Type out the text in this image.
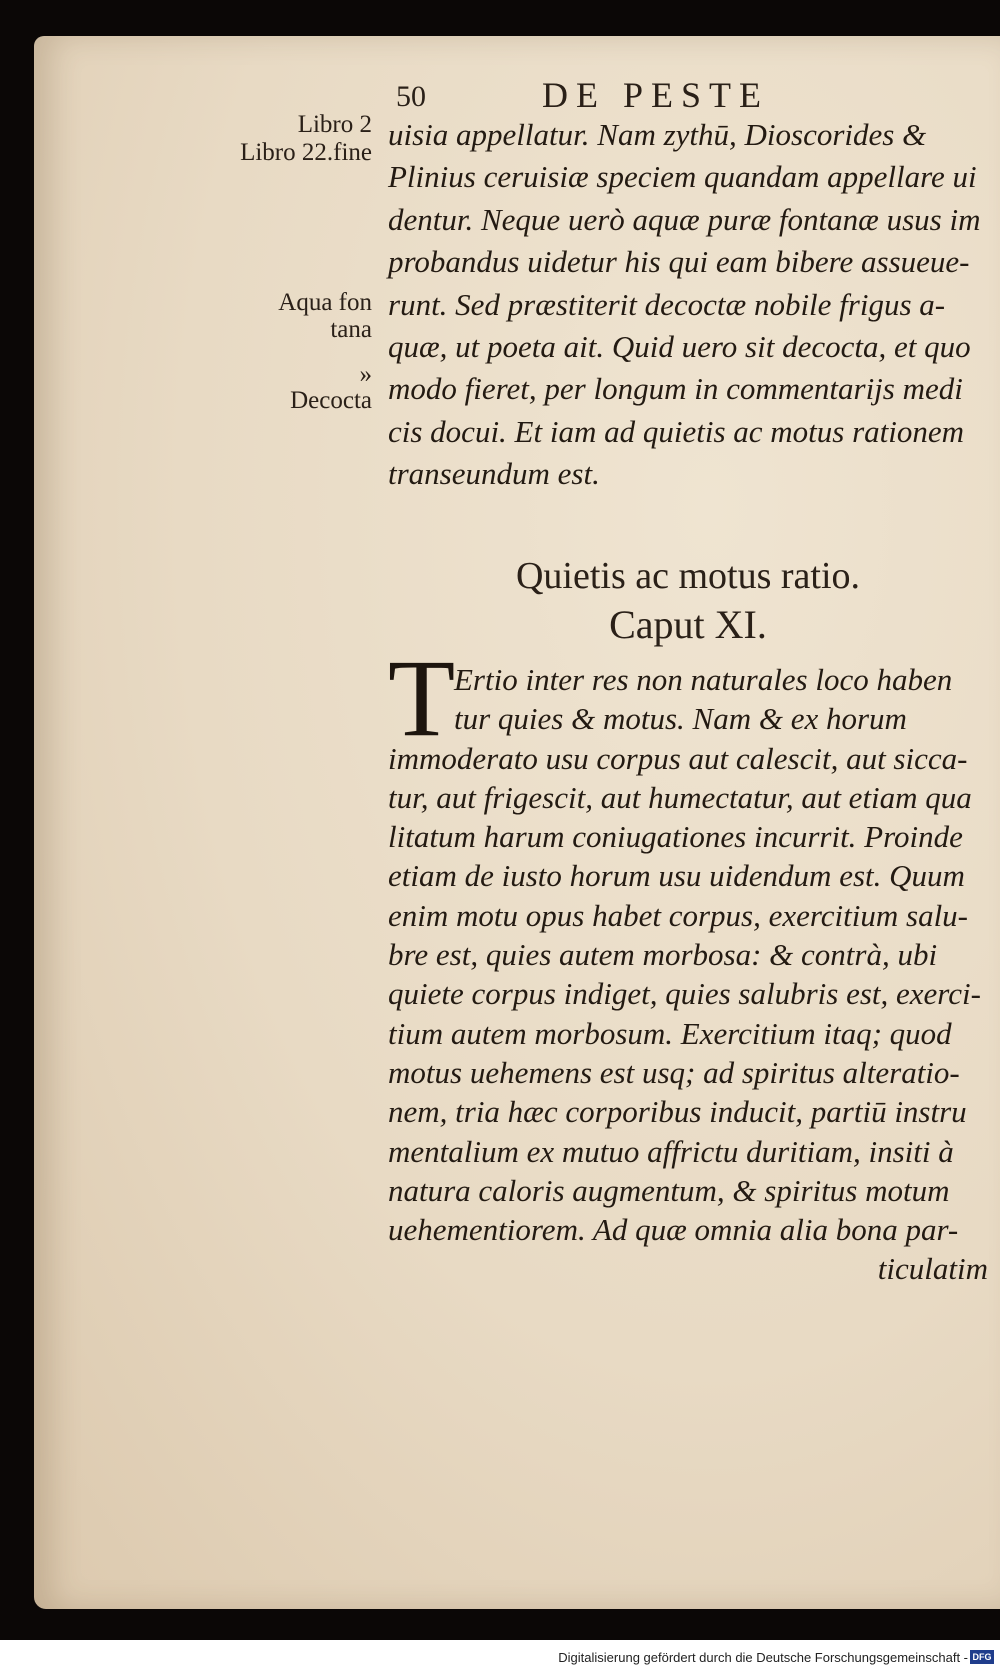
50	DE PESTE
Libro 2
Libro 22.fine
Aqua fon
tana
»
Decocta
uisia appellatur. Nam zythū, Dioscorides &
Plinius ceruisiæ speciem quandam appellare ui
dentur. Neque uerò aquæ puræ fontanæ usus im
probandus uidetur his qui eam bibere assueue-
runt. Sed præstiterit decoctæ nobile frigus a-
quæ, ut poeta ait. Quid uero sit decocta, et quo
modo fieret, per longum in commentarijs medi
cis docui. Et iam ad quietis ac motus rationem
transeundum est.
Quietis ac motus ratio.
Caput XI.
T
Ertio inter res non naturales loco haben
tur quies & motus. Nam & ex horum
immoderato usu corpus aut calescit, aut sicca-
tur, aut frigescit, aut humectatur, aut etiam qua
litatum harum coniugationes incurrit. Proinde
etiam de iusto horum usu uidendum est. Quum
enim motu opus habet corpus, exercitium salu-
bre est, quies autem morbosa: & contrà, ubi
quiete corpus indiget, quies salubris est, exerci-
tium autem morbosum. Exercitium itaq; quod
motus uehemens est usq; ad spiritus alteratio-
nem, tria hæc corporibus inducit, partiū instru
mentalium ex mutuo affrictu duritiam, insiti à
natura caloris augmentum, & spiritus motum
uehementiorem. Ad quæ omnia alia bona par-
ticulatim
Digitalisierung gefördert durch die Deutsche Forschungsgemeinschaft - DFG
